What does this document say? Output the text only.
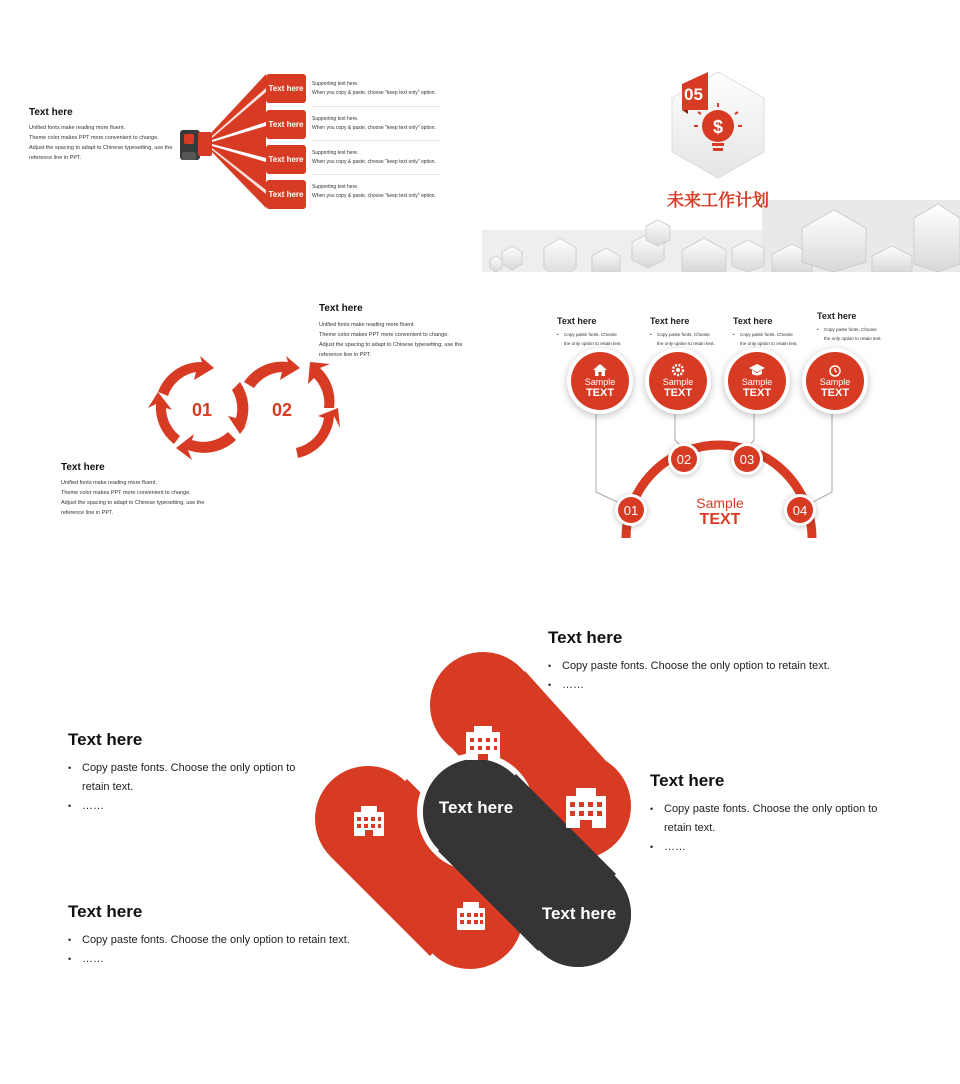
Text here
Unified fonts make reading more fluent.
Theme color makes PPT more convenient to change.
Adjust the spacing to adapt to Chinese typesetting, use the
reference line in PPT.
Text here
Text here
Text here
Text here
Supporting text here.
When you copy & paste, choose "keep text only" option.
Supporting text here.
When you copy & paste, choose "keep text only" option.
Supporting text here.
When you copy & paste, choose "keep text only" option.
Supporting text here.
When you copy & paste, choose "keep text only" option.
$
05
未来工作计划
Text here
Unified fonts make reading more fluent.
Theme color makes PPT more convenient to change.
Adjust the spacing to adapt to Chinese typesetting, use the
reference line in PPT.
01	02
Text here
Unified fonts make reading more fluent.
Theme color makes PPT more convenient to change.
Adjust the spacing to adapt to Chinese typesetting, use the
reference line in PPT.
Text here
• Copy paste fonts. Choose
the only option to retain text.
Text here
• Copy paste fonts. Choose
the only option to retain text.
Text here
• Copy paste fonts. Choose
the only option to retain text.
Text here
• Copy paste fonts. Choose
the only option to retain text.
Sample
TEXT
Sample
TEXT
Sample
TEXT
Sample
TEXT
01
02	03
04
Sample
TEXT
Text here
Text here
Text here
• Copy paste fonts. Choose the only option to retain text.
• ……
Text here
• Copy paste fonts. Choose the only option to
retain text.
• ……
Text here
• Copy paste fonts. Choose the only option to
retain text.
• ……
Text here
• Copy paste fonts. Choose the only option to retain text.
• ……
